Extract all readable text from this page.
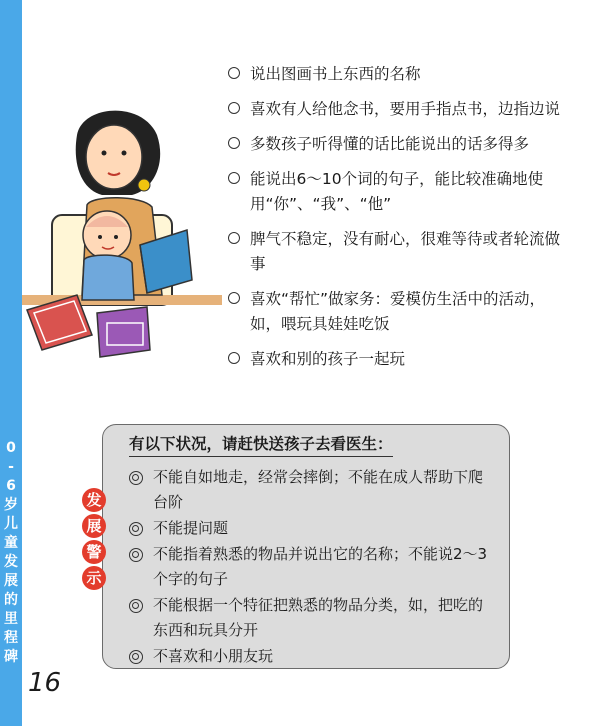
0
-
6
岁
儿
童
发
展
的
里
程
碑
说出图画书上东西的名称
喜欢有人给他念书，要用手指点书，边指边说
多数孩子听得懂的话比能说出的话多得多
能说出6～10个词的句子，能比较准确地使用“你”、“我”、“他”
脾气不稳定，没有耐心，很难等待或者轮流做事
喜欢“帮忙”做家务：爱模仿生活中的活动，如，喂玩具娃娃吃饭
喜欢和别的孩子一起玩
有以下状况，请赶快送孩子去看医生：
不能自如地走，经常会摔倒；不能在成人帮助下爬台阶
不能提问题
不能指着熟悉的物品并说出它的名称；不能说2～3个字的句子
不能根据一个特征把熟悉的物品分类，如，把吃的东西和玩具分开
不喜欢和小朋友玩
发
展
警
示
16
